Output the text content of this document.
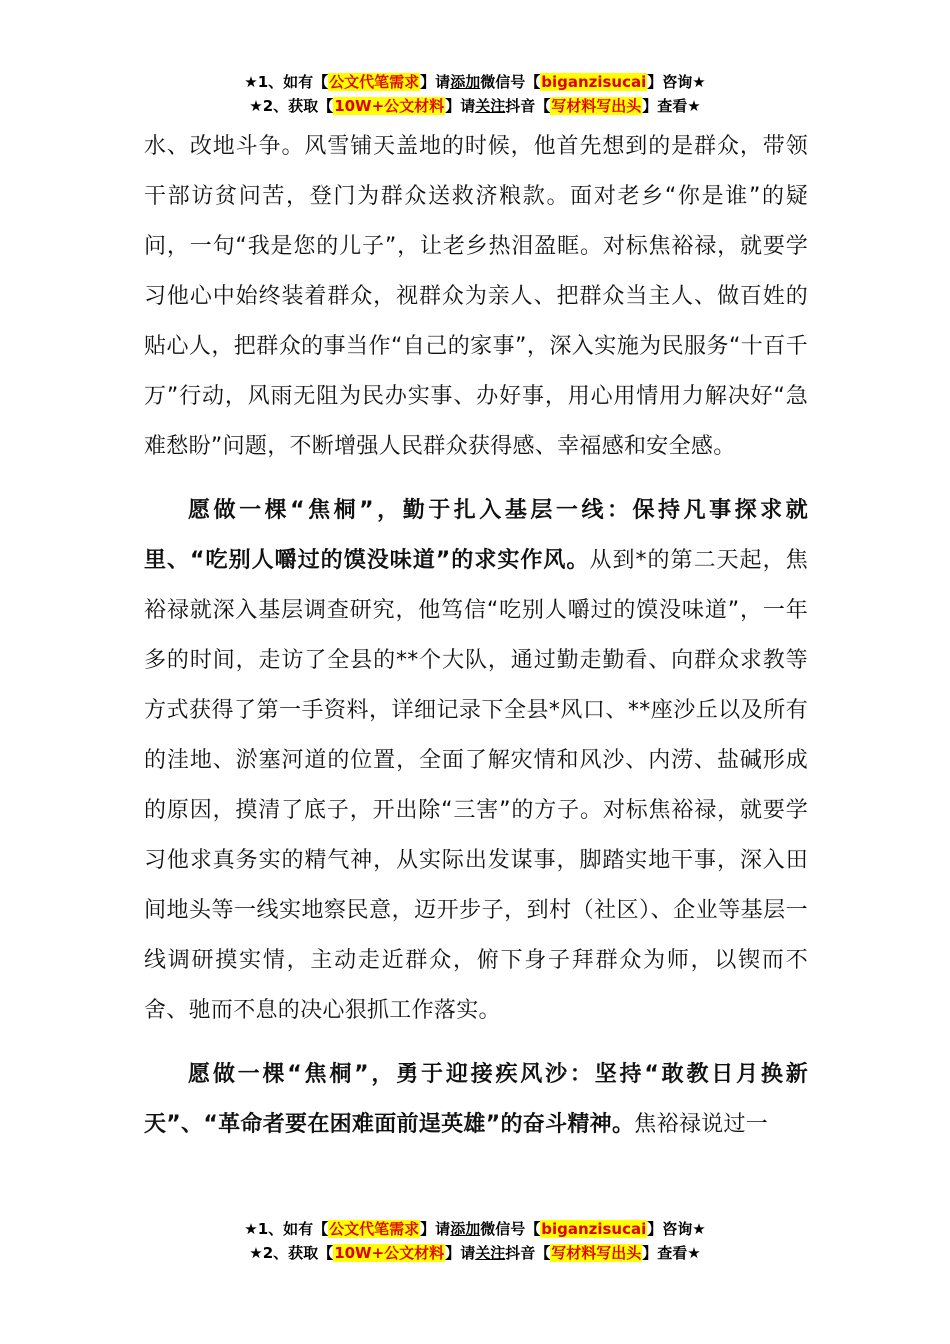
★1、如有【公文代笔需求】请添加微信号【biganzisucai】咨询★
★2、获取【10W+公文材料】请关注抖音【写材料写出头】查看★

水、改地斗争。风雪铺天盖地的时候，他首先想到的是群众，带领干部访贫问苦，登门为群众送救济粮款。面对老乡“你是谁”的疑问，一句“我是您的儿子”，让老乡热泪盈眶。对标焦裕禄，就要学习他心中始终装着群众，视群众为亲人、把群众当主人、做百姓的贴心人，把群众的事当作“自己的家事”，深入实施为民服务“十百千万”行动，风雨无阻为民办实事、办好事，用心用情用力解决好“急难愁盼”问题，不断增强人民群众获得感、幸福感和安全感。

愿做一棵“焦桐”，勤于扎入基层一线：保持凡事探求就里、“吃别人嚼过的馍没味道”的求实作风。从到*的第二天起，焦裕禄就深入基层调查研究，他笃信“吃别人嚼过的馍没味道”，一年多的时间，走访了全县的**个大队，通过勤走勤看、向群众求教等方式获得了第一手资料，详细记录下全县*风口、**座沙丘以及所有的洼地、淤塞河道的位置，全面了解灾情和风沙、内涝、盐碱形成的原因，摸清了底子，开出除“三害”的方子。对标焦裕禄，就要学习他求真务实的精气神，从实际出发谋事，脚踏实地干事，深入田间地头等一线实地察民意，迈开步子，到村（社区）、企业等基层一线调研摸实情，主动走近群众，俯下身子拜群众为师，以锲而不舍、驰而不息的决心狠抓工作落实。

愿做一棵“焦桐”，勇于迎接疾风沙：坚持“敢教日月换新天”、“革命者要在困难面前逞英雄”的奋斗精神。焦裕禄说过一

★1、如有【公文代笔需求】请添加微信号【biganzisucai】咨询★
★2、获取【10W+公文材料】请关注抖音【写材料写出头】查看★
